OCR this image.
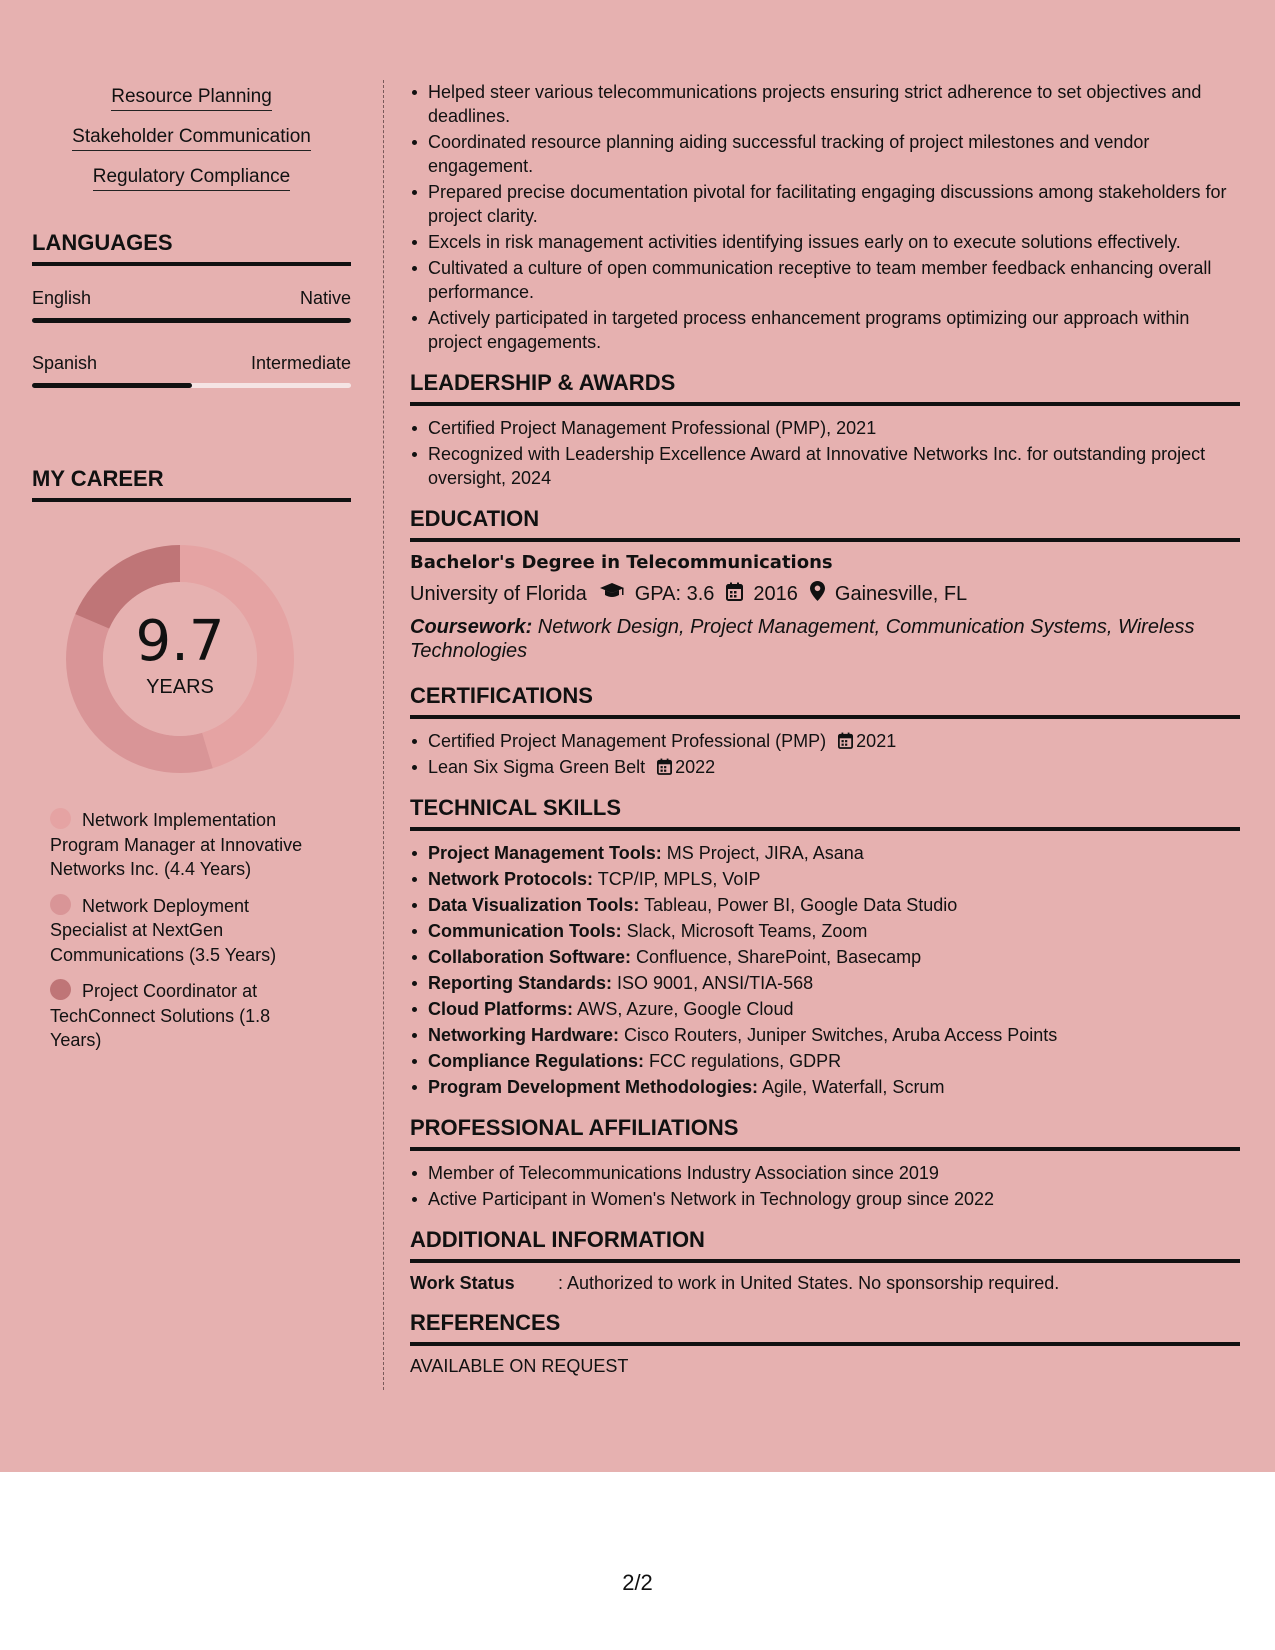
Resource Planning
Stakeholder Communication
Regulatory Compliance
LANGUAGES
English	Native
Spanish	Intermediate
MY CAREER
9.7
YEARS
Network Implementation Program Manager at Innovative Networks Inc. (4.4 Years)
Network Deployment Specialist at NextGen Communications (3.5 Years)
Project Coordinator at TechConnect Solutions (1.8 Years)
Helped steer various telecommunications projects ensuring strict adherence to set objectives and deadlines.
Coordinated resource planning aiding successful tracking of project milestones and vendor engagement.
Prepared precise documentation pivotal for facilitating engaging discussions among stakeholders for project clarity.
Excels in risk management activities identifying issues early on to execute solutions effectively.
Cultivated a culture of open communication receptive to team member feedback enhancing overall performance.
Actively participated in targeted process enhancement programs optimizing our approach within project engagements.
LEADERSHIP & AWARDS
Certified Project Management Professional (PMP), 2021
Recognized with Leadership Excellence Award at Innovative Networks Inc. for outstanding project oversight, 2024
EDUCATION
Bachelor's Degree in Telecommunications
University of Florida GPA: 3.6 2016 Gainesville, FL
Coursework: Network Design, Project Management, Communication Systems, Wireless Technologies
CERTIFICATIONS
Certified Project Management Professional (PMP) 2021
Lean Six Sigma Green Belt 2022
TECHNICAL SKILLS
Project Management Tools: MS Project, JIRA, Asana
Network Protocols: TCP/IP, MPLS, VoIP
Data Visualization Tools: Tableau, Power BI, Google Data Studio
Communication Tools: Slack, Microsoft Teams, Zoom
Collaboration Software: Confluence, SharePoint, Basecamp
Reporting Standards: ISO 9001, ANSI/TIA-568
Cloud Platforms: AWS, Azure, Google Cloud
Networking Hardware: Cisco Routers, Juniper Switches, Aruba Access Points
Compliance Regulations: FCC regulations, GDPR
Program Development Methodologies: Agile, Waterfall, Scrum
PROFESSIONAL AFFILIATIONS
Member of Telecommunications Industry Association since 2019
Active Participant in Women's Network in Technology group since 2022
ADDITIONAL INFORMATION
Work Status	: Authorized to work in United States. No sponsorship required.
REFERENCES
AVAILABLE ON REQUEST
2/2
